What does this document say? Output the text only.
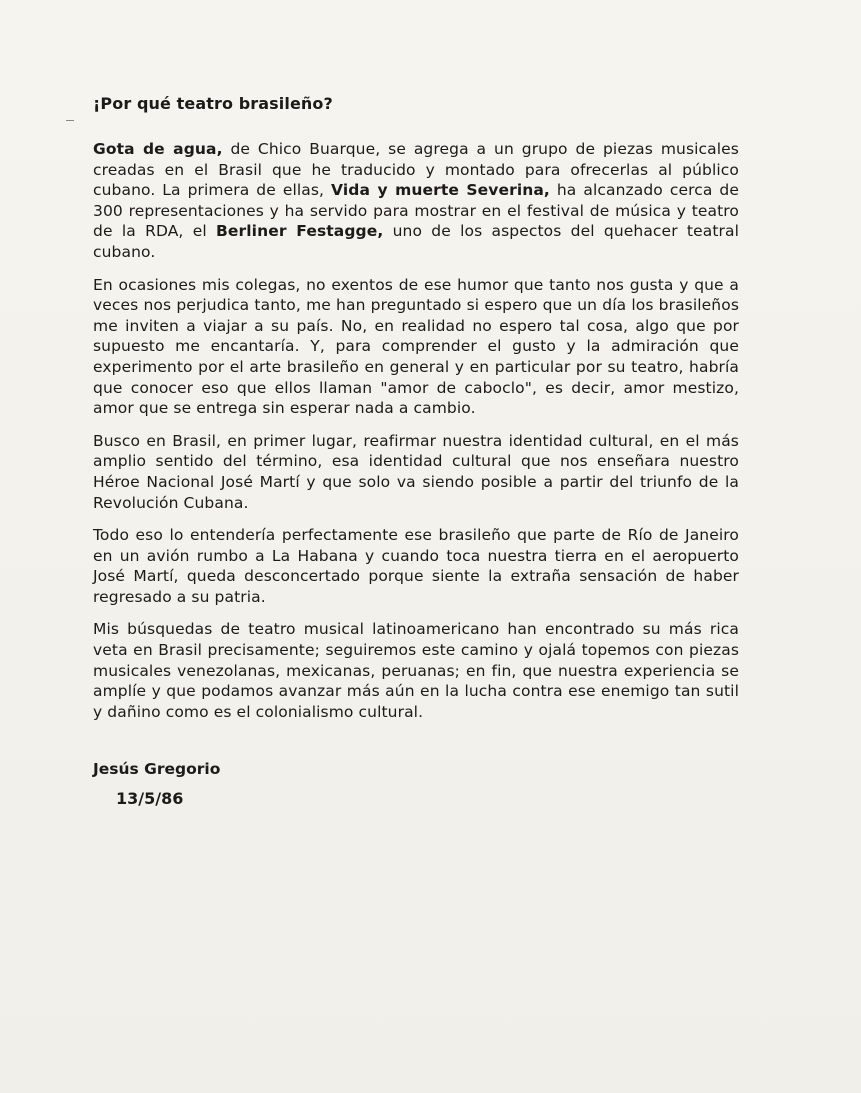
¡Por qué teatro brasileño?

Gota de agua, de Chico Buarque, se agrega a un grupo de piezas musicales creadas en el Brasil que he traducido y montado para ofrecerlas al público cubano. La primera de ellas, Vida y muerte Severina, ha alcanzado cerca de 300 representaciones y ha servido para mostrar en el festival de música y teatro de la RDA, el Berliner Festagge, uno de los aspectos del quehacer teatral cubano.

En ocasiones mis colegas, no exentos de ese humor que tanto nos gusta y que a veces nos perjudica tanto, me han preguntado si espero que un día los brasileños me inviten a viajar a su país. No, en realidad no espero tal cosa, algo que por supuesto me encantaría. Y, para comprender el gusto y la admiración que experimento por el arte brasileño en general y en particular por su teatro, habría que conocer eso que ellos llaman "amor de caboclo", es decir, amor mestizo, amor que se entrega sin esperar nada a cambio.

Busco en Brasil, en primer lugar, reafirmar nuestra identidad cultural, en el más amplio sentido del término, esa identidad cultural que nos enseñara nuestro Héroe Nacional José Martí y que solo va siendo posible a partir del triunfo de la Revolución Cubana.

Todo eso lo entendería perfectamente ese brasileño que parte de Río de Janeiro en un avión rumbo a La Habana y cuando toca nuestra tierra en el aeropuerto José Martí, queda desconcertado porque siente la extraña sensación de haber regresado a su patria.

Mis búsquedas de teatro musical latinoamericano han encontrado su más rica veta en Brasil precisamente; seguiremos este camino y ojalá topemos con piezas musicales venezolanas, mexicanas, peruanas; en fin, que nuestra experiencia se amplíe y que podamos avanzar más aún en la lucha contra ese enemigo tan sutil y dañino como es el colonialismo cultural.

Jesús Gregorio
13/5/86
